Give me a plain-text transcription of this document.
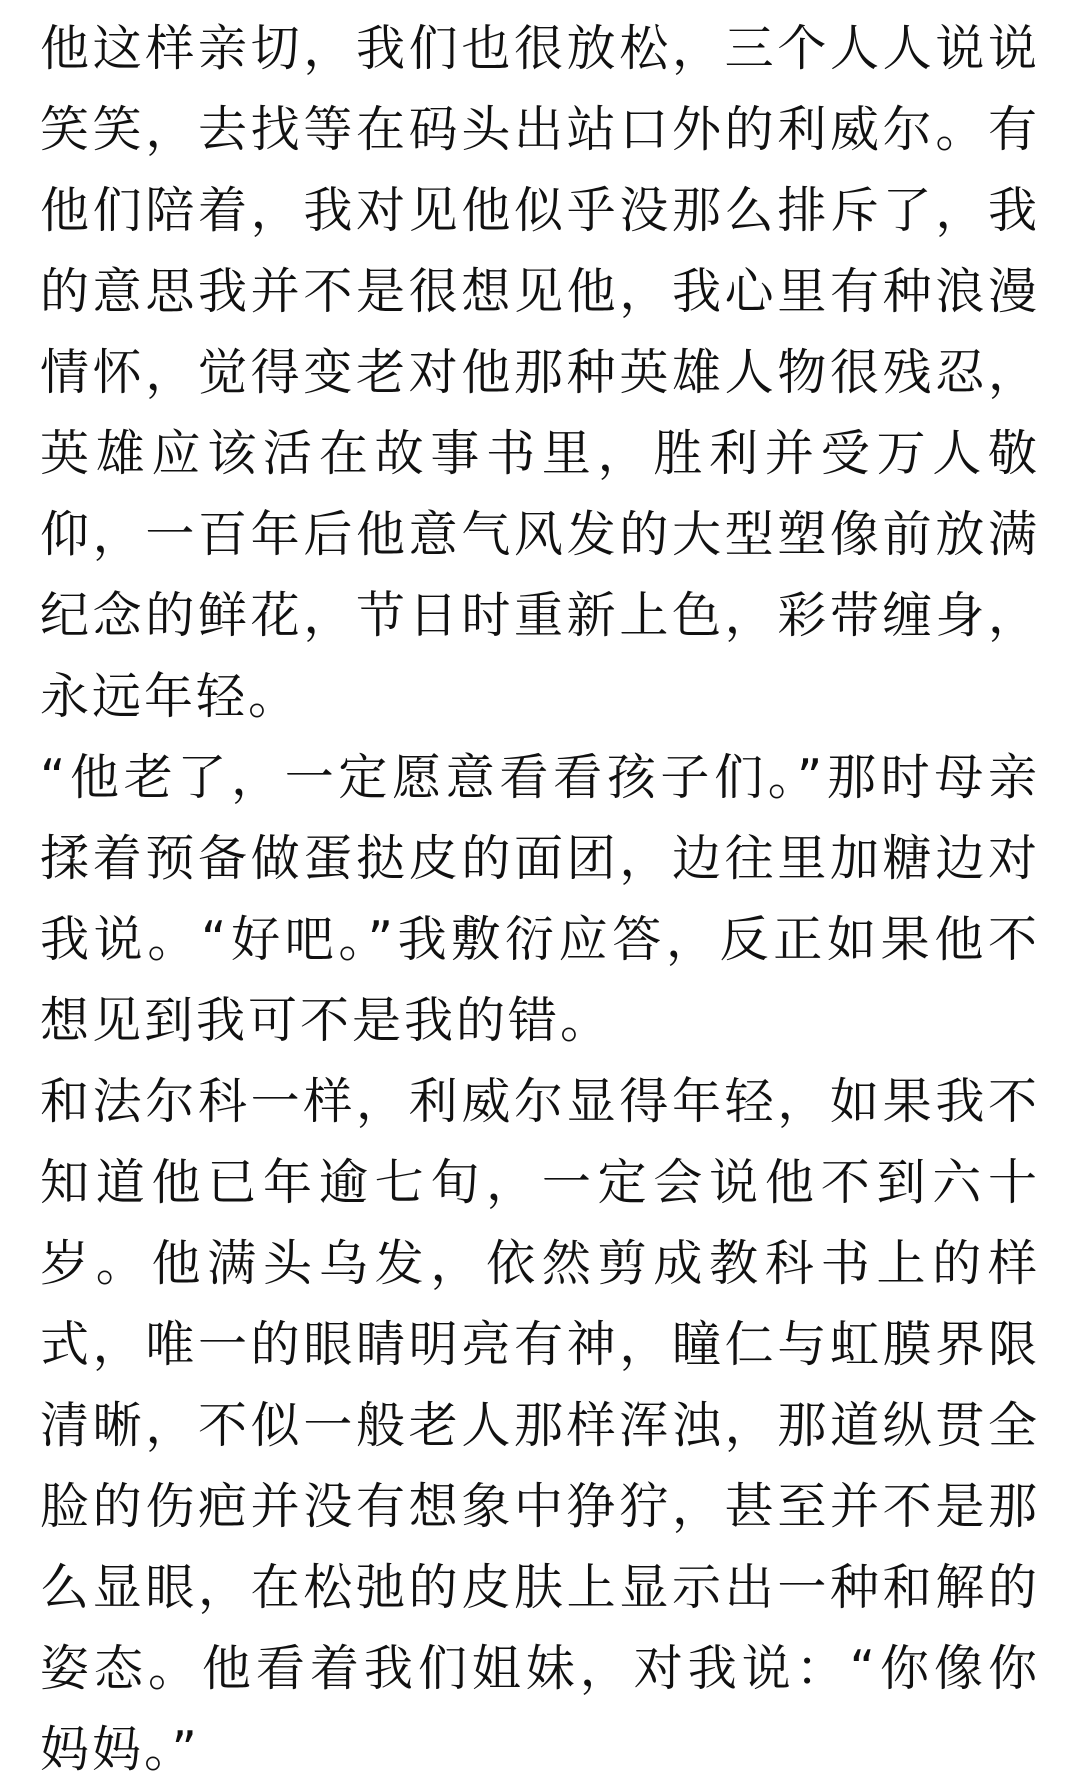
他这样亲切，我们也很放松，三个人人说说笑笑，去找等在码头出站口外的利威尔。有他们陪着，我对见他似乎没那么排斥了，我的意思我并不是很想见他，我心里有种浪漫情怀，觉得变老对他那种英雄人物很残忍，英雄应该活在故事书里，胜利并受万人敬仰，一百年后他意气风发的大型塑像前放满纪念的鲜花，节日时重新上色，彩带缠身，永远年轻。

“他老了，一定愿意看看孩子们。”那时母亲揉着预备做蛋挞皮的面团，边往里加糖边对我说。“好吧。”我敷衍应答，反正如果他不想见到我可不是我的错。

和法尔科一样，利威尔显得年轻，如果我不知道他已年逾七旬，一定会说他不到六十岁。他满头乌发，依然剪成教科书上的样式，唯一的眼睛明亮有神，瞳仁与虹膜界限清晰，不似一般老人那样浑浊，那道纵贯全脸的伤疤并没有想象中狰狞，甚至并不是那么显眼，在松弛的皮肤上显示出一种和解的姿态。他看着我们姐妹，对我说：“你像你妈妈。”
